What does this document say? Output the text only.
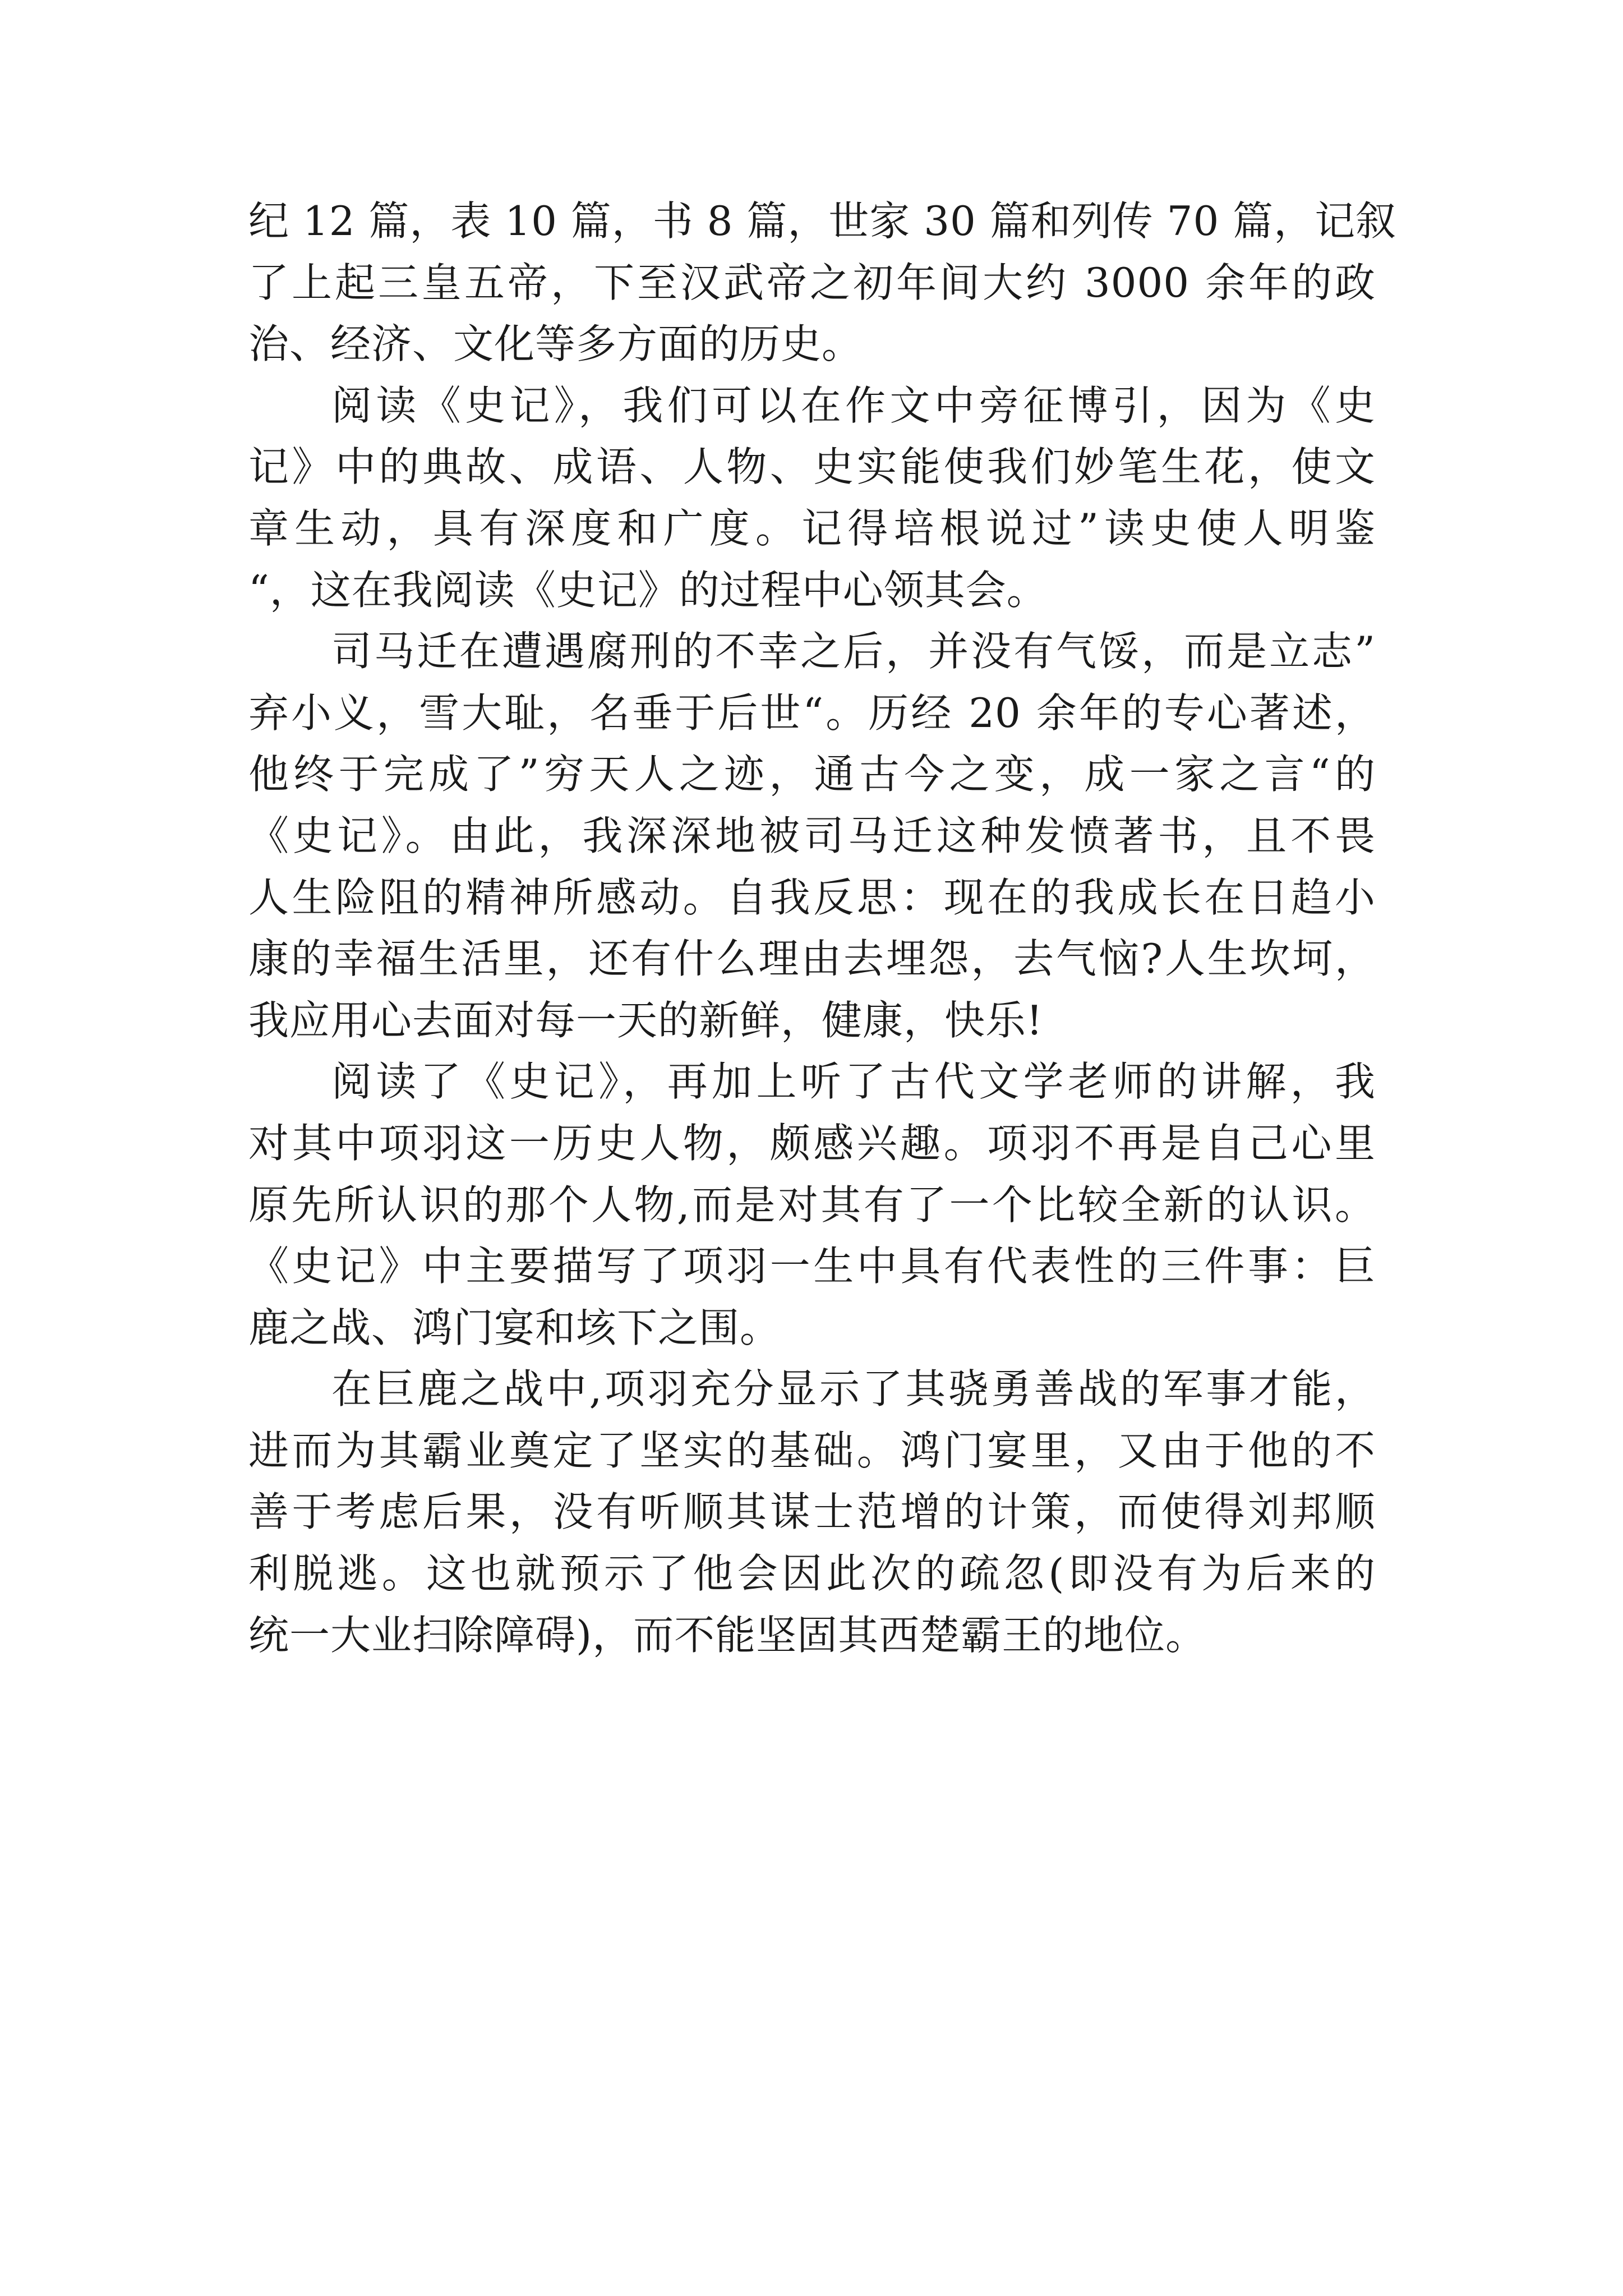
纪 12 篇，表 10 篇，书 8 篇，世家 30 篇和列传 70 篇，记叙
了上起三皇五帝，下至汉武帝之初年间大约 3000 余年的政
治、经济、文化等多方面的历史。
阅读《史记》，我们可以在作文中旁征博引，因为《史
记》中的典故、成语、人物、史实能使我们妙笔生花，使文
章生动，具有深度和广度。记得培根说过”读史使人明鉴
“，这在我阅读《史记》的过程中心领其会。
司马迁在遭遇腐刑的不幸之后，并没有气馁，而是立志”
弃小义，雪大耻，名垂于后世“。历经 20 余年的专心著述，
他终于完成了”穷天人之迹，通古今之变，成一家之言“的
《史记》。由此，我深深地被司马迁这种发愤著书，且不畏
人生险阻的精神所感动。自我反思：现在的我成长在日趋小
康的幸福生活里，还有什么理由去埋怨，去气恼?人生坎坷，
我应用心去面对每一天的新鲜，健康，快乐!
阅读了《史记》，再加上听了古代文学老师的讲解，我
对其中项羽这一历史人物，颇感兴趣。项羽不再是自己心里
原先所认识的那个人物,而是对其有了一个比较全新的认识。
《史记》中主要描写了项羽一生中具有代表性的三件事：巨
鹿之战、鸿门宴和垓下之围。
在巨鹿之战中,项羽充分显示了其骁勇善战的军事才能，
进而为其霸业奠定了坚实的基础。鸿门宴里，又由于他的不
善于考虑后果，没有听顺其谋士范增的计策，而使得刘邦顺
利脱逃。这也就预示了他会因此次的疏忽(即没有为后来的
统一大业扫除障碍)，而不能坚固其西楚霸王的地位。
